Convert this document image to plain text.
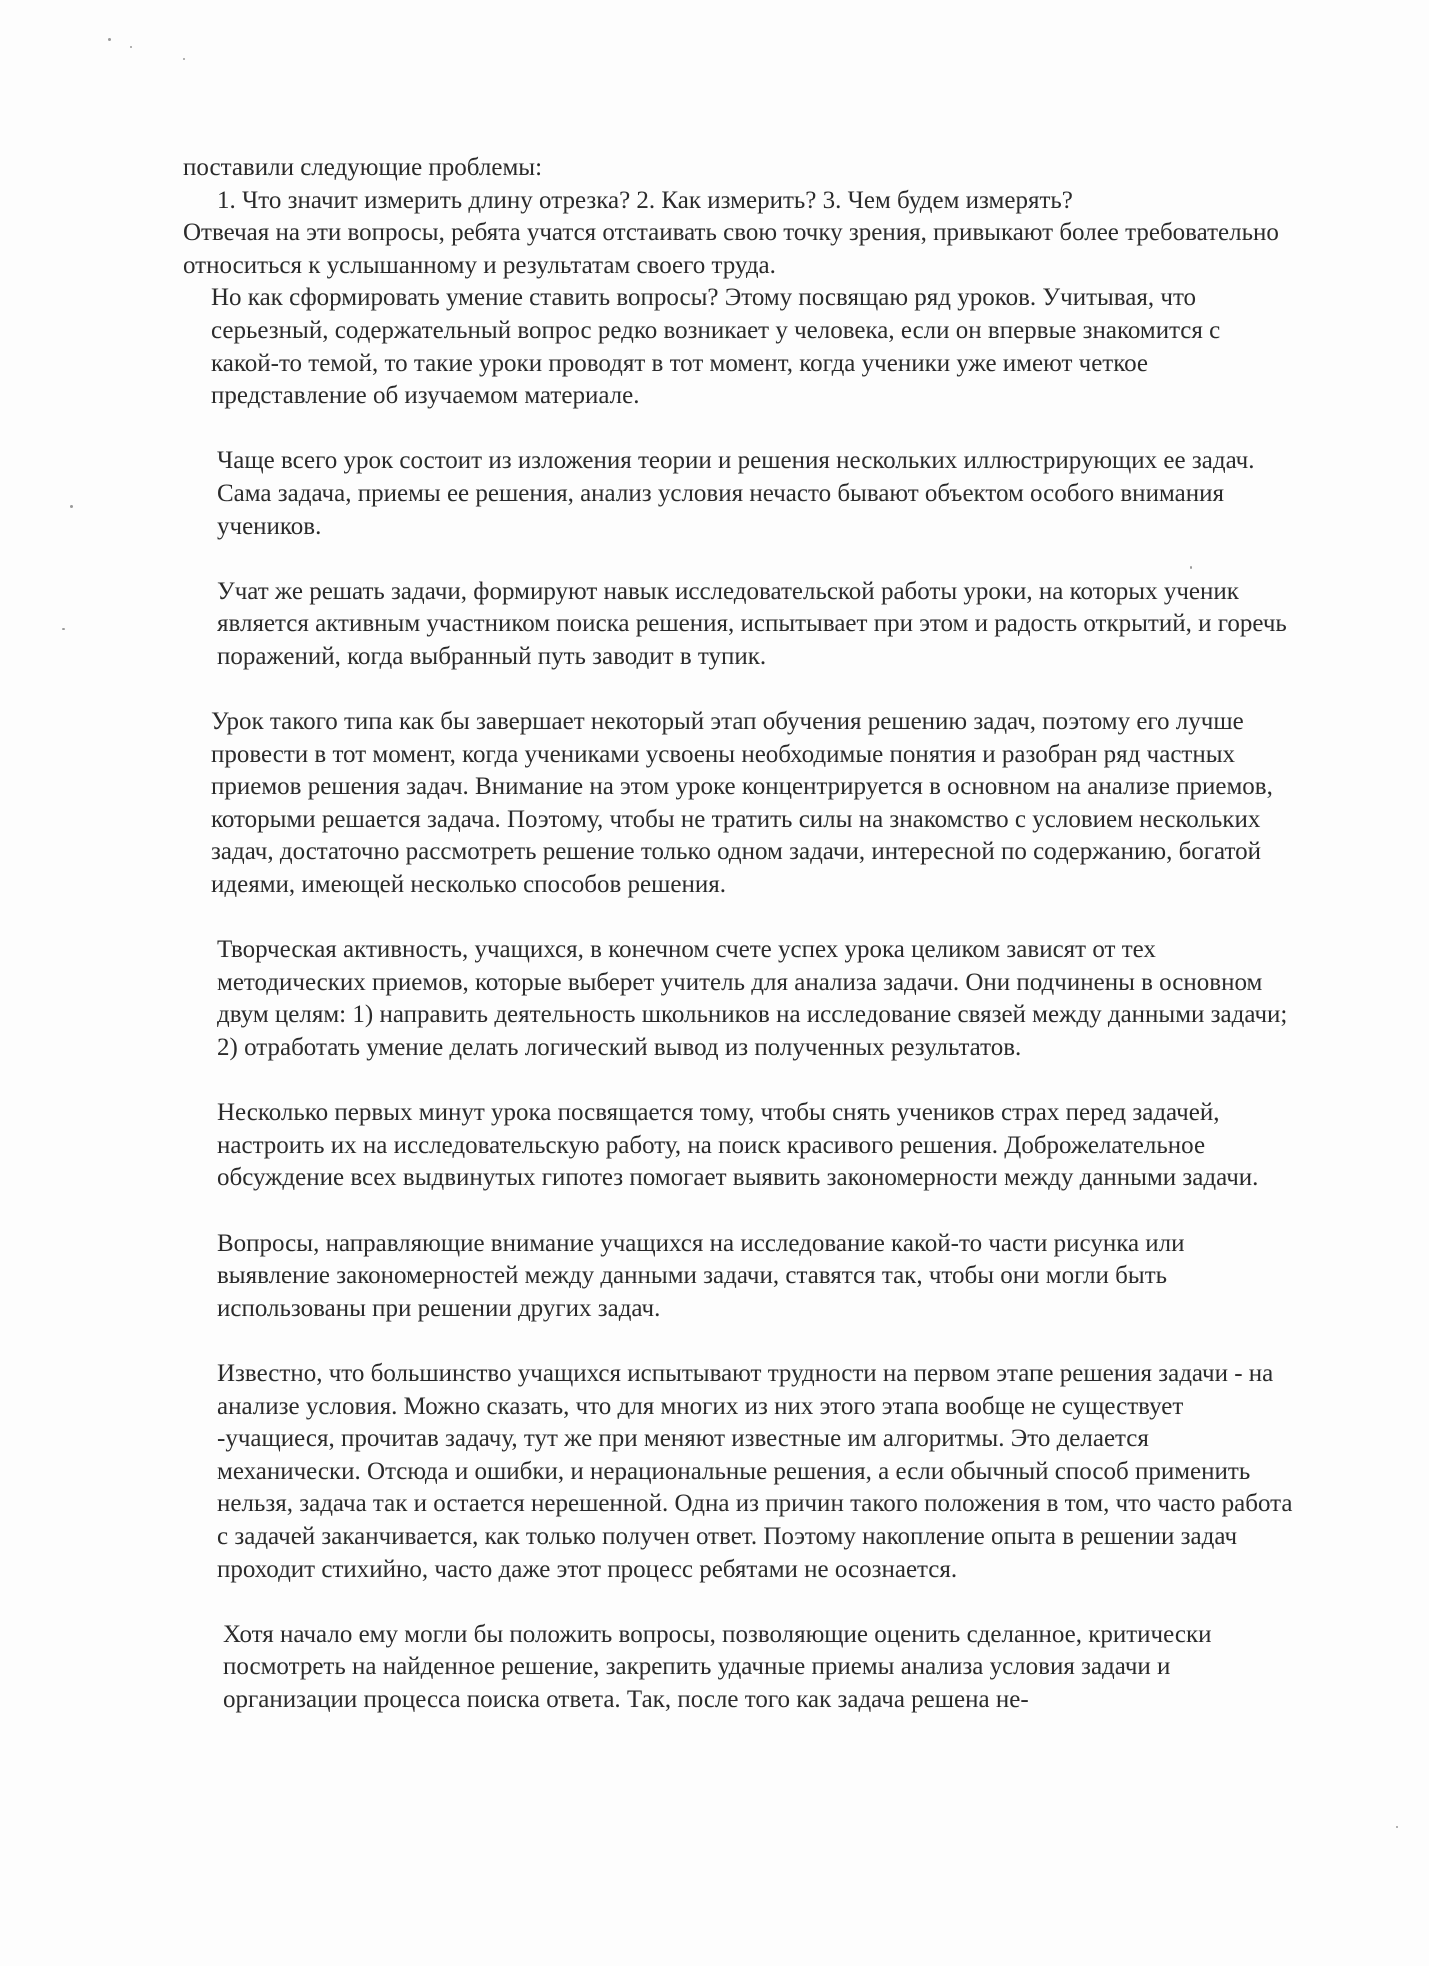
поставили следующие проблемы:

1. Что значит измерить длину отрезка? 2. Как измерить? 3. Чем будем измерять?

Отвечая на эти вопросы, ребята учатся отстаивать свою точку зрения, привыкают более требовательно относиться к услышанному и результатам своего труда.

Но как сформировать умение ставить вопросы? Этому посвящаю ряд уроков. Учитывая, что серьезный, содержательный вопрос редко возникает у человека, если он впервые знакомится с какой-то темой, то такие уроки проводят в тот момент, когда ученики уже имеют четкое представление об изучаемом материале.

Чаще всего урок состоит из изложения теории и решения нескольких иллюстрирующих ее задач. Сама задача, приемы ее решения, анализ условия нечасто бывают объектом особого внимания учеников.

Учат же решать задачи, формируют навык исследовательской работы уроки, на которых ученик является активным участником поиска решения, испытывает при этом и радость открытий, и горечь поражений, когда выбранный путь заводит в тупик.

Урок такого типа как бы завершает некоторый этап обучения решению задач, поэтому его лучше провести в тот момент, когда учениками усвоены необходимые понятия и разобран ряд частных приемов решения задач. Внимание на этом уроке концентрируется в основном на анализе приемов, которыми решается задача. Поэтому, чтобы не тратить силы на знакомство с условием нескольких задач, достаточно рассмотреть решение только одном задачи, интересной по содержанию, богатой идеями, имеющей несколько способов решения.

Творческая активность, учащихся, в конечном счете успех урока целиком зависят от тех методических приемов, которые выберет учитель для анализа задачи. Они подчинены в основном двум целям: 1) направить деятельность школьников на исследование связей между данными задачи; 2) отработать умение делать логический вывод из полученных результатов.

Несколько первых минут урока посвящается тому, чтобы снять учеников страх перед задачей, настроить их на исследовательскую работу, на поиск красивого решения. Доброжелательное обсуждение всех выдвинутых гипотез помогает выявить закономерности между данными задачи.

Вопросы, направляющие внимание учащихся на исследование какой-то части рисунка или выявление закономерностей между данными задачи, ставятся так, чтобы они могли быть использованы при решении других задач.

Известно, что большинство учащихся испытывают трудности на первом этапе решения задачи - на анализе условия. Можно сказать, что для многих из них этого этапа вообще не существует -учащиеся, прочитав задачу, тут же при меняют известные им алгоритмы. Это делается механически. Отсюда и ошибки, и нерациональные решения, а если обычный способ применить нельзя, задача так и остается нерешенной. Одна из причин такого положения в том, что часто работа с задачей заканчивается, как только получен ответ. Поэтому накопление опыта в решении задач проходит стихийно, часто даже этот процесс ребятами не осознается.

Хотя начало ему могли бы положить вопросы, позволяющие оценить сделанное, критически посмотреть на найденное решение, закрепить удачные приемы анализа условия задачи и организации процесса поиска ответа. Так, после того как задача решена не-
